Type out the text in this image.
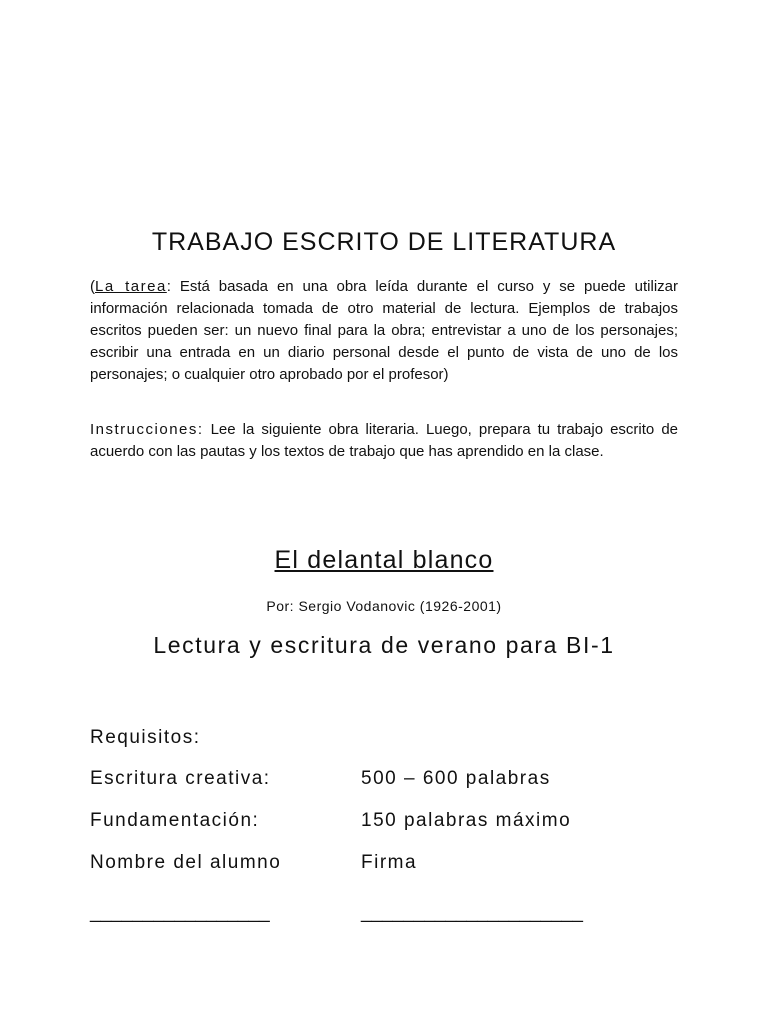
TRABAJO ESCRITO DE LITERATURA

(La tarea: Está basada en una obra leída durante el curso y se puede utilizar información relacionada tomada de otro material de lectura. Ejemplos de trabajos escritos pueden ser: un nuevo final para la obra; entrevistar a uno de los personajes; escribir una entrada en un diario personal desde el punto de vista de uno de los personajes; o cualquier otro aprobado por el profesor)

Instrucciones: Lee la siguiente obra literaria. Luego, prepara tu trabajo escrito de acuerdo con las pautas y los textos de trabajo que has aprendido en la clase.

El delantal blanco
Por: Sergio Vodanovic (1926-2001)
Lectura y escritura de verano para BI-1
Requisitos:
Escritura creativa:	500 – 600 palabras
Fundamentación:	150 palabras máximo
Nombre del alumno	Firma
_________________	_____________________
